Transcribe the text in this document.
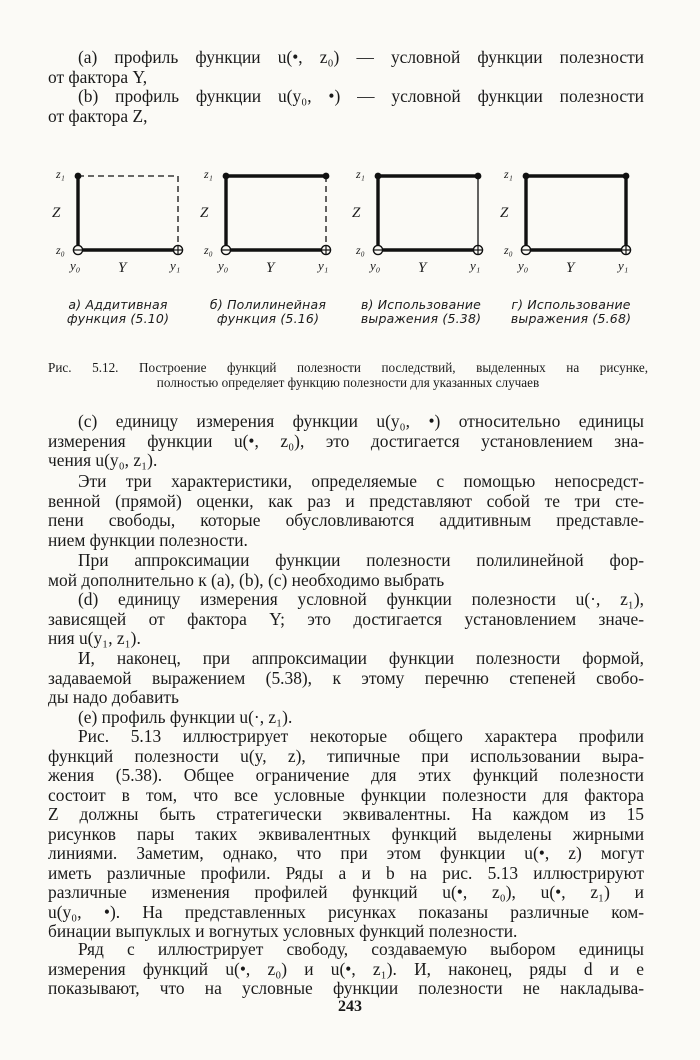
(a) профиль функции u(•, z₀) — условной функции полезности
от фактора Y,
(b) профиль функции u(y₀, •) — условной функции полезности
от фактора Z,
z₁
Z
z₀
y₀	Y	y₁
z₁
Z
z₀
y₀	Y	y₁
z₁
Z
z₀
y₀	Y	y₁
z₁
Z
z₀
y₀	Y	y₁
а) Аддитивная
функция (5.10)
б) Полилинейная
функция (5.16)
в) Использование
выражения (5.38)
г) Использование
выражения (5.68)
Рис. 5.12. Построение функций полезности последствий, выделенных на рисунке,
полностью определяет функцию полезности для указанных случаев
(c) единицу измерения функции u(y₀, •) относительно единицы
измерения функции u(•, z₀), это достигается установлением зна-
чения u(y₀, z₁).
Эти три характеристики, определяемые с помощью непосредст-
венной (прямой) оценки, как раз и представляют собой те три сте-
пени свободы, которые обусловливаются аддитивным представле-
нием функции полезности.
При аппроксимации функции полезности полилинейной фор-
мой дополнительно к (a), (b), (c) необходимо выбрать
(d) единицу измерения условной функции полезности u(·, z₁),
зависящей от фактора Y; это достигается установлением значе-
ния u(y₁, z₁).
И, наконец, при аппроксимации функции полезности формой,
задаваемой выражением (5.38), к этому перечню степеней свобо-
ды надо добавить
(e) профиль функции u(·, z₁).
Рис. 5.13 иллюстрирует некоторые общего характера профили
функций полезности u(y, z), типичные при использовании выра-
жения (5.38). Общее ограничение для этих функций полезности
состоит в том, что все условные функции полезности для фактора
Z должны быть стратегически эквивалентны. На каждом из 15
рисунков пары таких эквивалентных функций выделены жирными
линиями. Заметим, однако, что при этом функции u(•, z) могут
иметь различные профили. Ряды a и b на рис. 5.13 иллюстрируют
различные изменения профилей функций u(•, z₀), u(•, z₁) и
u(y₀, •). На представленных рисунках показаны различные ком-
бинации выпуклых и вогнутых условных функций полезности.
Ряд c иллюстрирует свободу, создаваемую выбором единицы
измерения функций u(•, z₀) и u(•, z₁). И, наконец, ряды d и e
показывают, что на условные функции полезности не накладыва-
243
